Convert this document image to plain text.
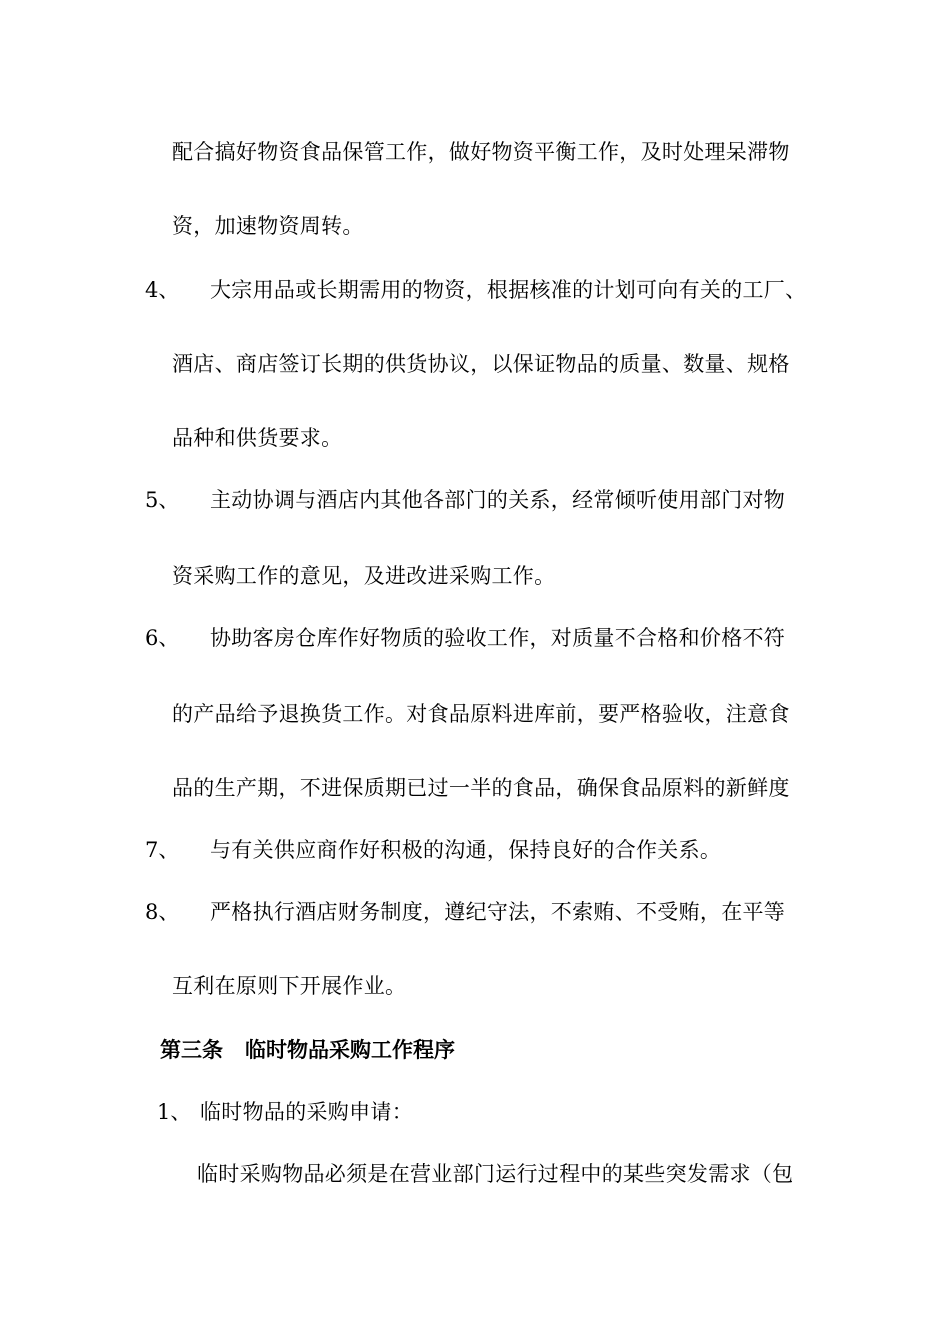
配合搞好物资食品保管工作，做好物资平衡工作，及时处理呆滞物
资，加速物资周转。
4、 大宗用品或长期需用的物资，根据核准的计划可向有关的工厂、
酒店、商店签订长期的供货协议，以保证物品的质量、数量、规格
品种和供货要求。
5、 主动协调与酒店内其他各部门的关系，经常倾听使用部门对物
资采购工作的意见，及进改进采购工作。
6、 协助客房仓库作好物质的验收工作，对质量不合格和价格不符
的产品给予退换货工作。对食品原料进库前，要严格验收，注意食
品的生产期，不进保质期已过一半的食品，确保食品原料的新鲜度
7、 与有关供应商作好积极的沟通，保持良好的合作关系。
8、 严格执行酒店财务制度，遵纪守法，不索贿、不受贿，在平等
互利在原则下开展作业。
第三条 临时物品采购工作程序
1、 临时物品的采购申请：
临时采购物品必须是在营业部门运行过程中的某些突发需求（包
